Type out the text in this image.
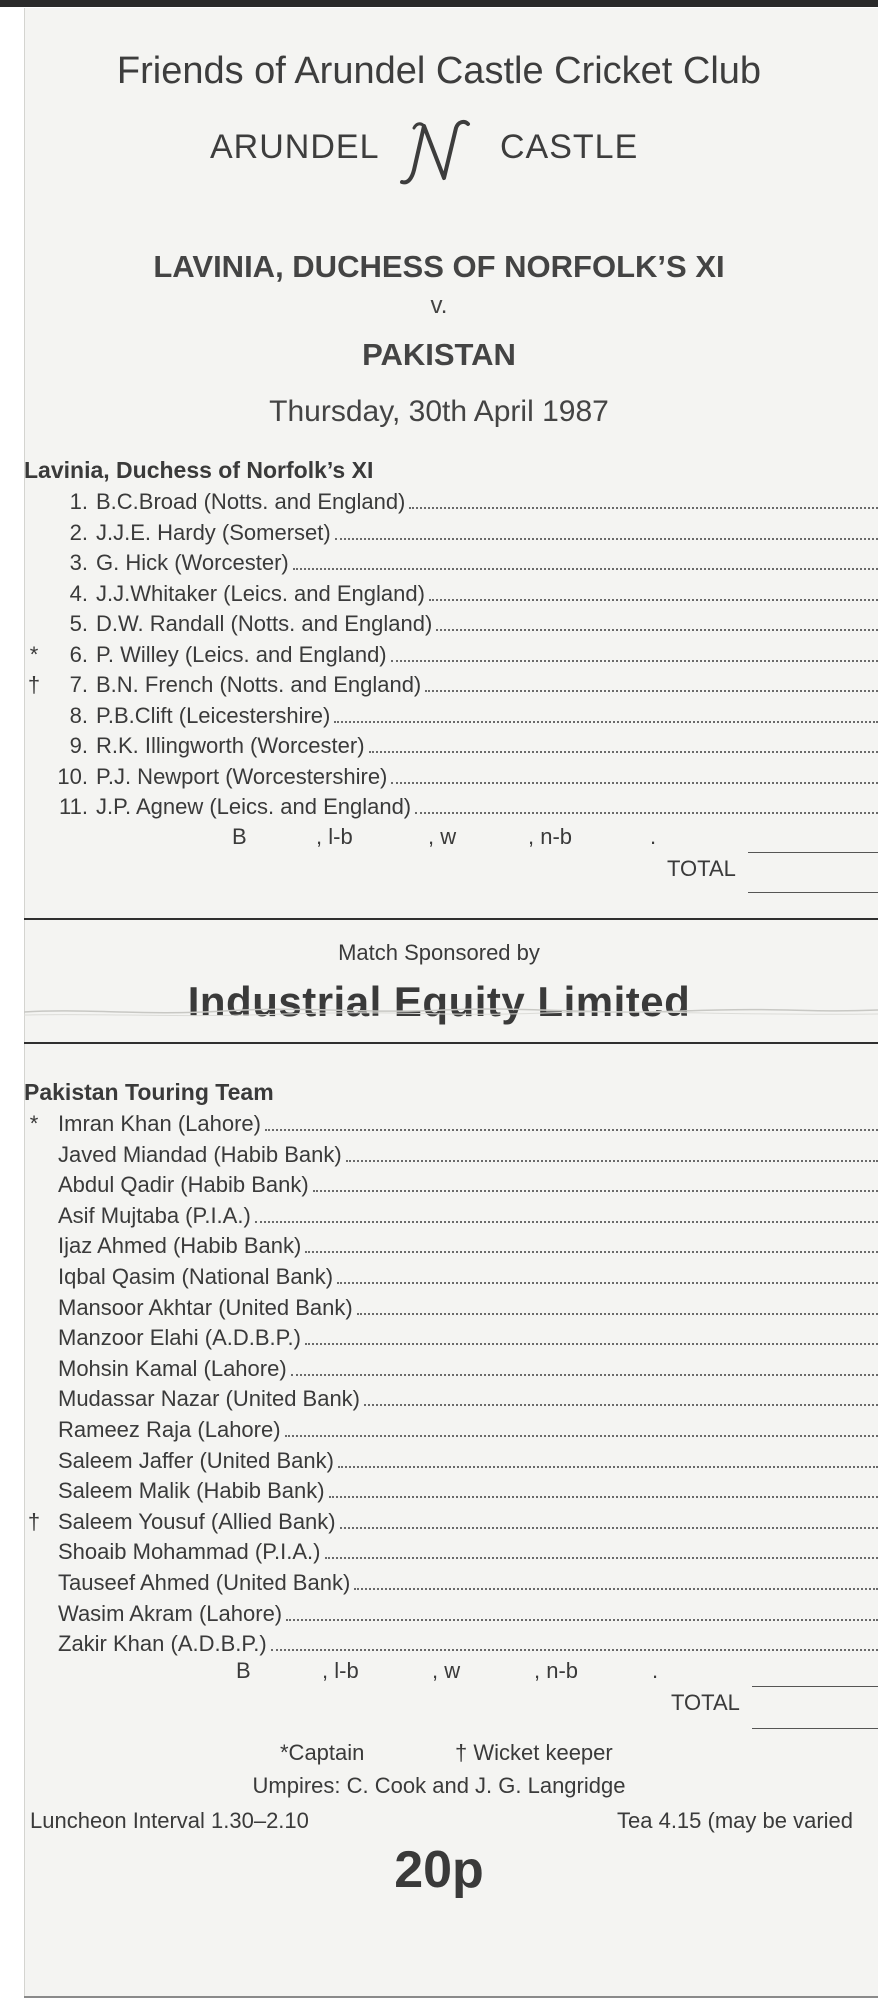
Friends of Arundel Castle Cricket Club
ARUNDEL	CASTLE
LAVINIA, DUCHESS OF NORFOLK’S XI
v.
PAKISTAN
Thursday, 30th April 1987
Lavinia, Duchess of Norfolk’s XI
1. B.C.Broad (Notts. and England)
2. J.J.E. Hardy (Somerset)
3. G. Hick (Worcester)
4. J.J.Whitaker (Leics. and England)
5. D.W. Randall (Notts. and England)
*	6. P. Willey (Leics. and England)
†	7. B.N. French (Notts. and England)
8. P.B.Clift (Leicestershire)
9. R.K. Illingworth (Worcester)
10. P.J. Newport (Worcestershire)
11. J.P. Agnew (Leics. and England)
B	, l-b	, w	, n-b	.
TOTAL
Match Sponsored by
Industrial Equity Limited
Pakistan Touring Team
* Imran Khan (Lahore)
Javed Miandad (Habib Bank)
Abdul Qadir (Habib Bank)
Asif Mujtaba (P.I.A.)
Ijaz Ahmed (Habib Bank)
Iqbal Qasim (National Bank)
Mansoor Akhtar (United Bank)
Manzoor Elahi (A.D.B.P.)
Mohsin Kamal (Lahore)
Mudassar Nazar (United Bank)
Rameez Raja (Lahore)
Saleem Jaffer (United Bank)
Saleem Malik (Habib Bank)
† Saleem Yousuf (Allied Bank)
Shoaib Mohammad (P.I.A.)
Tauseef Ahmed (United Bank)
Wasim Akram (Lahore)
Zakir Khan (A.D.B.P.)
B	, l-b	, w	, n-b	.
TOTAL
*Captain	† Wicket keeper
Umpires: C. Cook and J. G. Langridge
Luncheon Interval 1.30–2.10	Tea 4.15 (may be varied
20p
